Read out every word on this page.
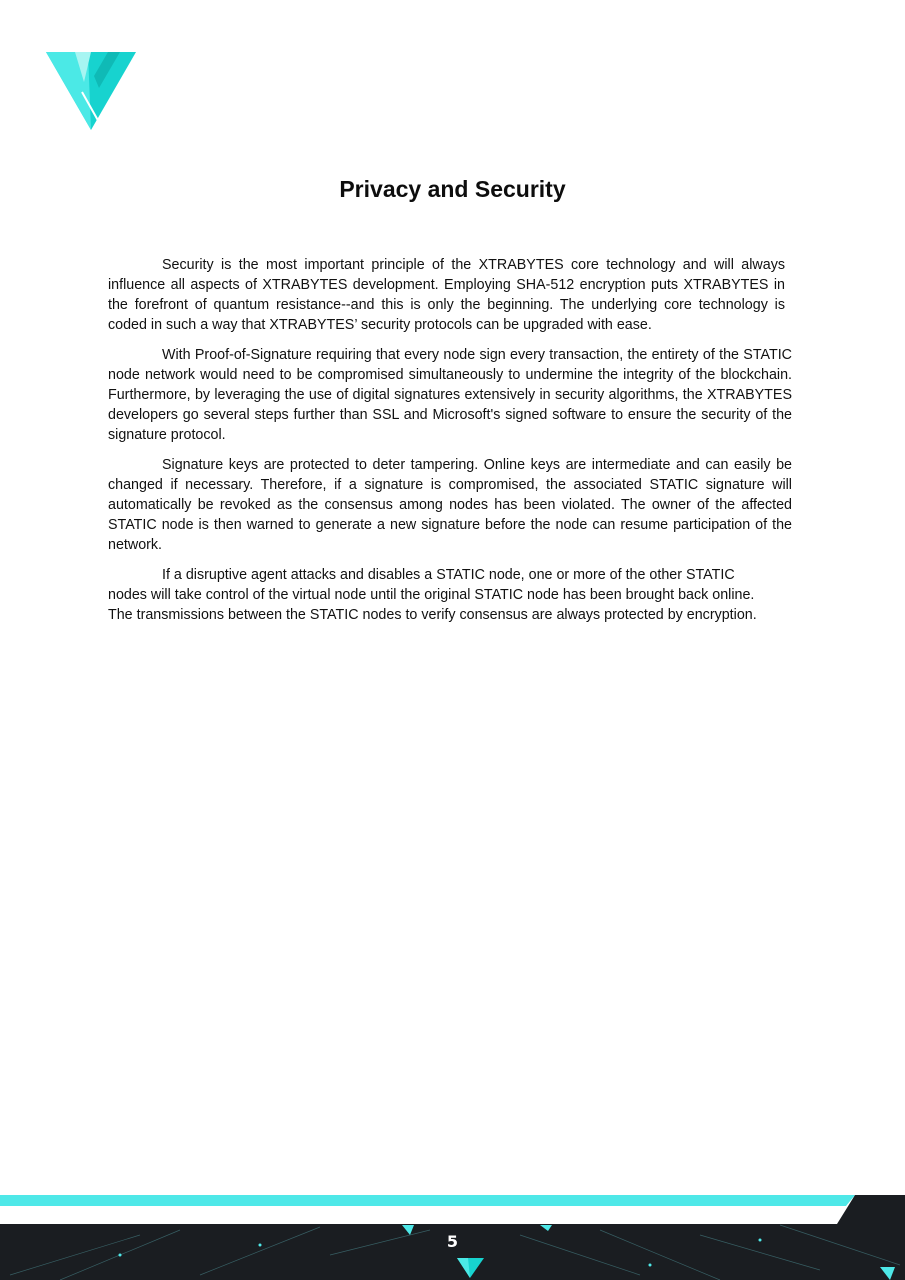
Privacy and Security

Security is the most important principle of the XTRABYTES core technology and will always influence all aspects of XTRABYTES development. Employing SHA-512 encryption puts XTRABYTES in the forefront of quantum resistance--and this is only the beginning. The underlying core technology is coded in such a way that XTRABYTES’ security protocols can be upgraded with ease.

With Proof-of-Signature requiring that every node sign every transaction, the entirety of the STATIC node network would need to be compromised simultaneously to undermine the integrity of the blockchain. Furthermore, by leveraging the use of digital signatures extensively in security algorithms, the XTRABYTES developers go several steps further than SSL and Microsoft's signed software to ensure the security of the signature protocol.

Signature keys are protected to deter tampering. Online keys are intermediate and can easily be changed if necessary. Therefore, if a signature is compromised, the associated STATIC signature will automatically be revoked as the consensus among nodes has been violated. The owner of the affected STATIC node is then warned to generate a new signature before the node can resume participation of the network.

If a disruptive agent attacks and disables a STATIC node, one or more of the other STATIC nodes will take control of the virtual node until the original STATIC node has been brought back online. The transmissions between the STATIC nodes to verify consensus are always protected by encryption.

5
